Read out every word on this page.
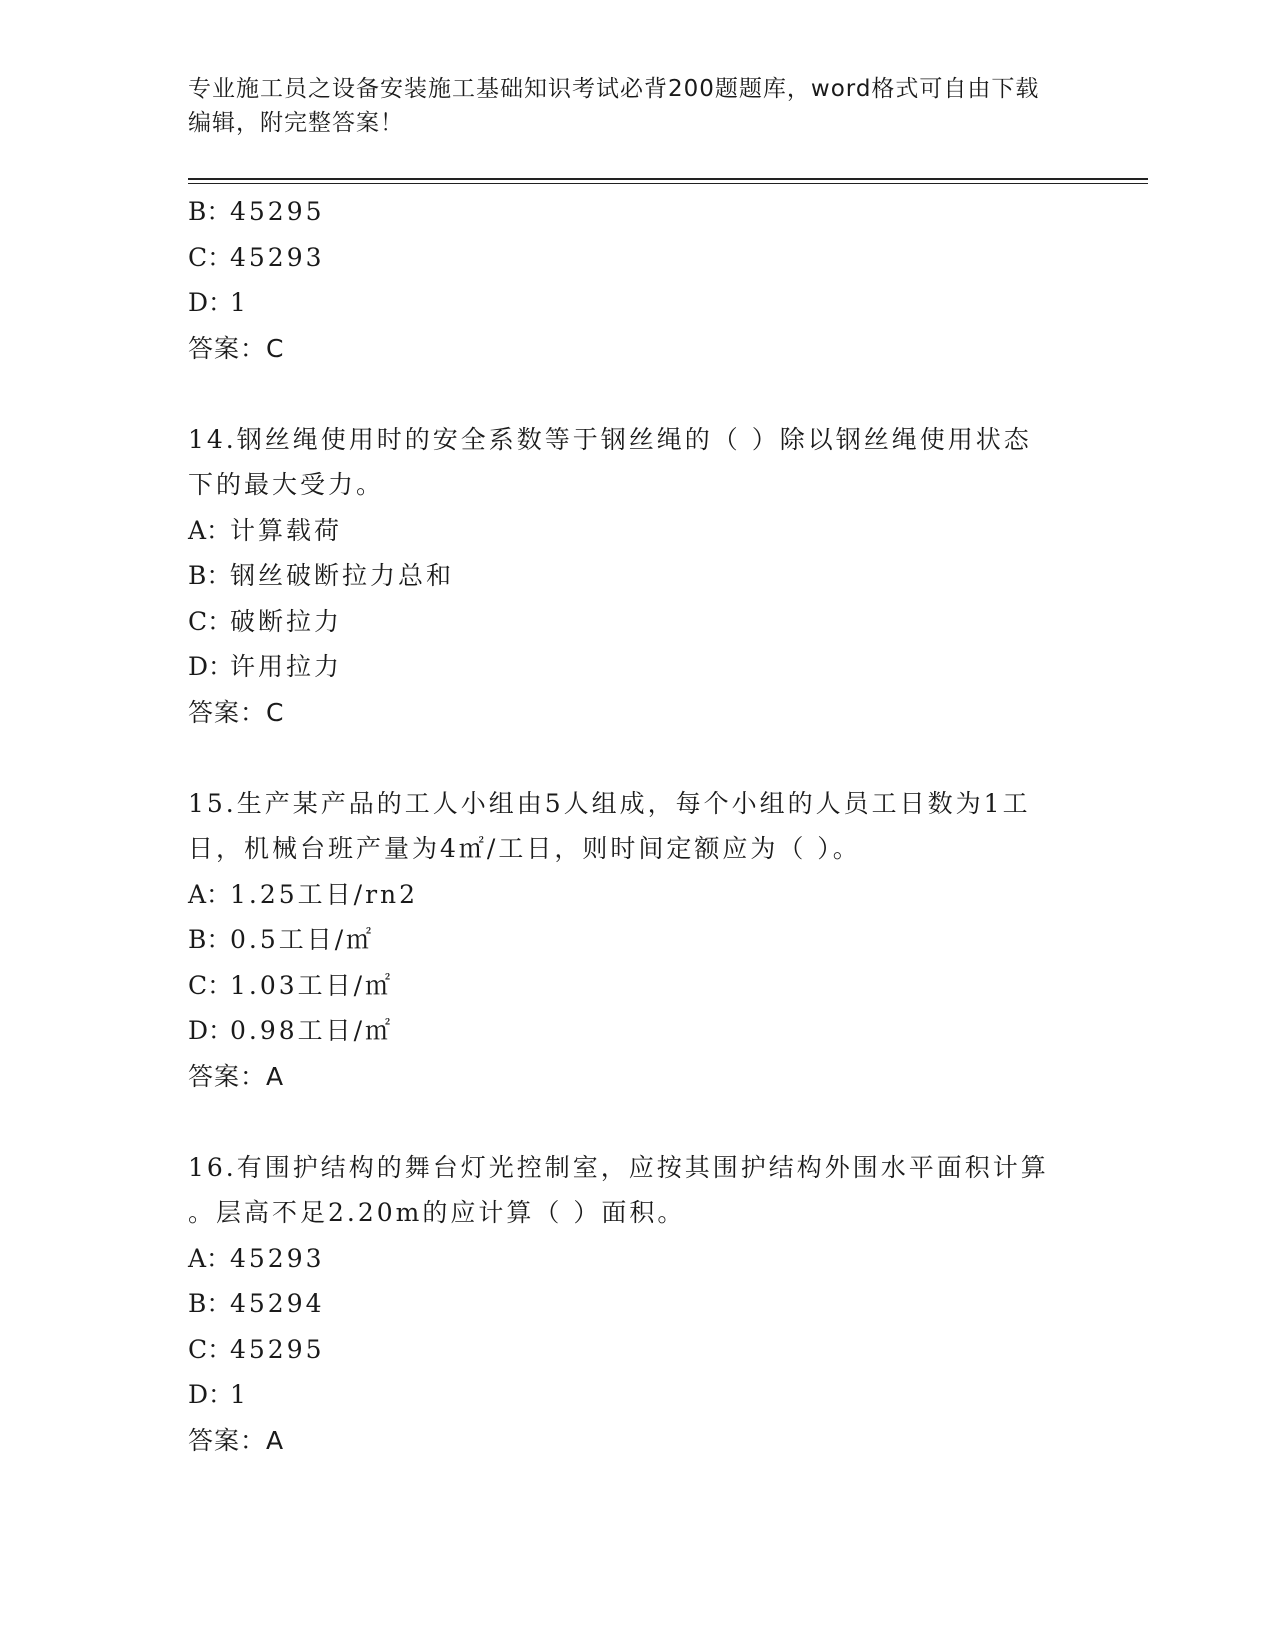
专业施工员之设备安装施工基础知识考试必背200题题库，word格式可自由下载
编辑，附完整答案！
B：45295
C：45293
D：1
答案：C
14.钢丝绳使用时的安全系数等于钢丝绳的（ ）除以钢丝绳使用状态
下的最大受力。
A：计算载荷
B：钢丝破断拉力总和
C：破断拉力
D：许用拉力
答案：C
15.生产某产品的工人小组由5人组成，每个小组的人员工日数为1工
日，机械台班产量为4㎡/工日，则时间定额应为（ ）。
A：1.25工日/rn2
B：0.5工日/㎡
C：1.03工日/㎡
D：0.98工日/㎡
答案：A
16.有围护结构的舞台灯光控制室，应按其围护结构外围水平面积计算
。层高不足2.20m的应计算（ ）面积。
A：45293
B：45294
C：45295
D：1
答案：A
